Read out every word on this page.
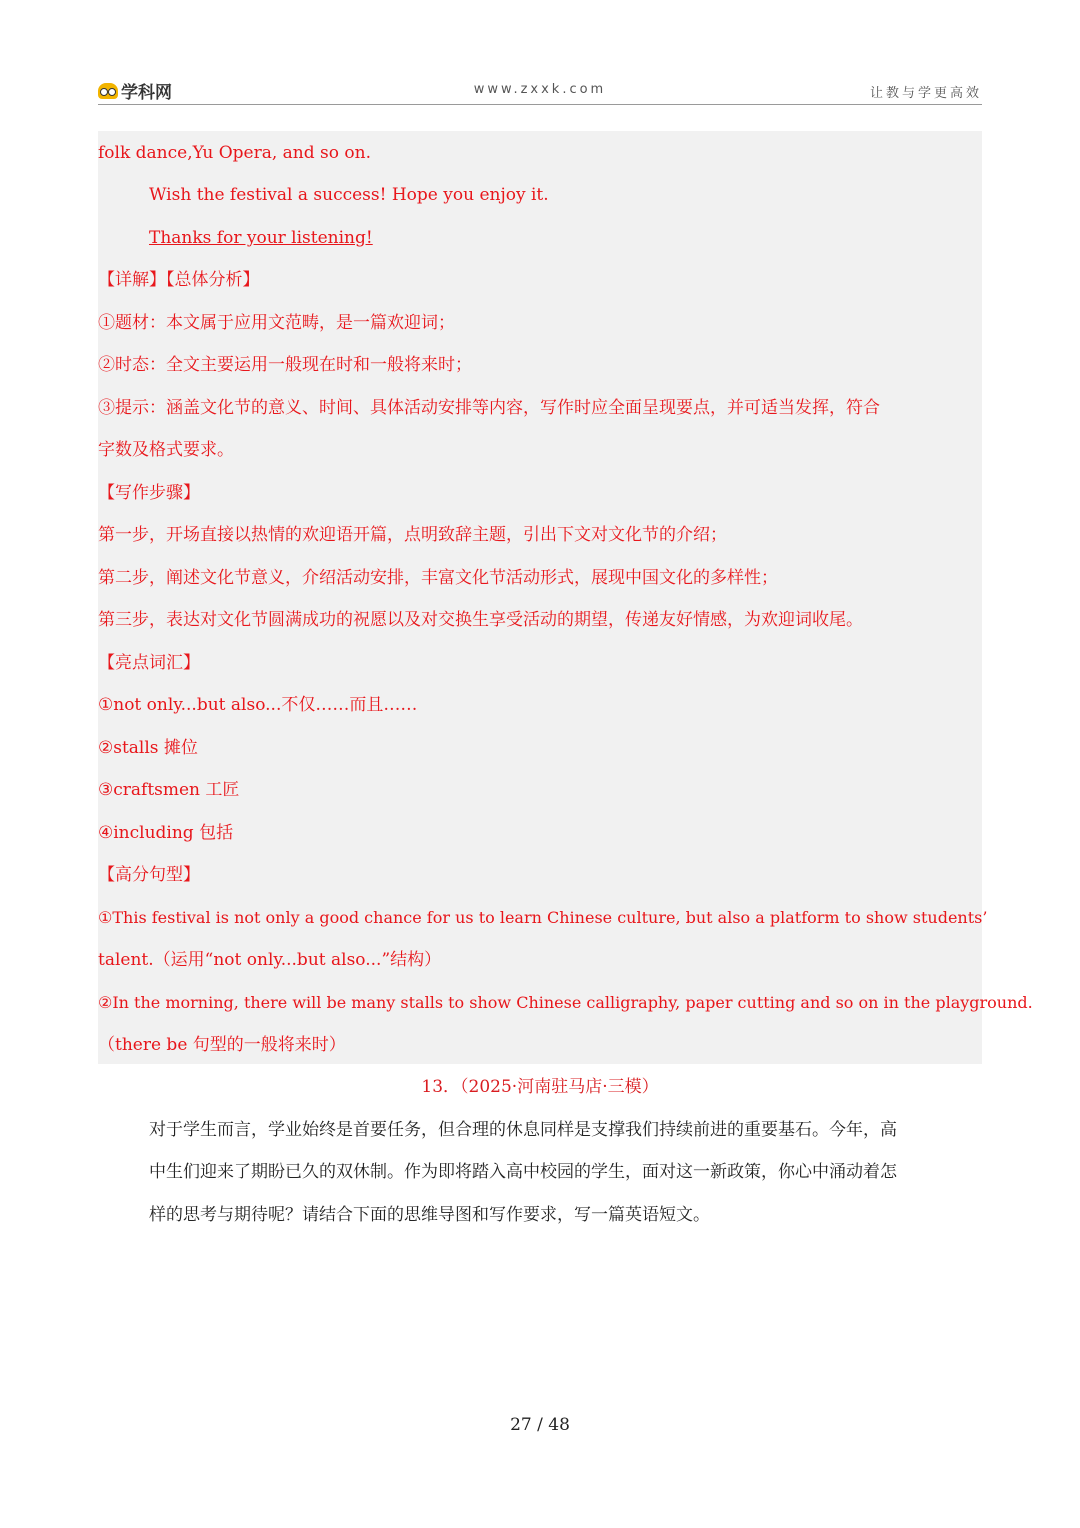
学科网	www.zxxk.com	让教与学更高效

folk dance,Yu Opera, and so on.

Wish the festival a success! Hope you enjoy it.

Thanks for your listening!

【详解】【总体分析】

①题材：本文属于应用文范畴，是一篇欢迎词；

②时态：全文主要运用一般现在时和一般将来时；

③提示：涵盖文化节的意义、时间、具体活动安排等内容，写作时应全面呈现要点，并可适当发挥，符合

字数及格式要求。

【写作步骤】

第一步，开场直接以热情的欢迎语开篇，点明致辞主题，引出下文对文化节的介绍；

第二步，阐述文化节意义，介绍活动安排，丰富文化节活动形式，展现中国文化的多样性；

第三步，表达对文化节圆满成功的祝愿以及对交换生享受活动的期望，传递友好情感，为欢迎词收尾。

【亮点词汇】

①not only...but also...不仅……而且……

②stalls 摊位

③craftsmen 工匠

④including 包括

【高分句型】

①This festival is not only a good chance for us to learn Chinese culture, but also a platform to show students’

talent.（运用“not only...but also...”结构）

②In the morning, there will be many stalls to show Chinese calligraphy, paper cutting and so on in the playground.

（there be 句型的一般将来时）

13．（2025·河南驻马店·三模）

对于学生而言，学业始终是首要任务，但合理的休息同样是支撑我们持续前进的重要基石。今年，高

中生们迎来了期盼已久的双休制。作为即将踏入高中校园的学生，面对这一新政策，你心中涌动着怎

样的思考与期待呢？请结合下面的思维导图和写作要求，写一篇英语短文。

27 / 48
